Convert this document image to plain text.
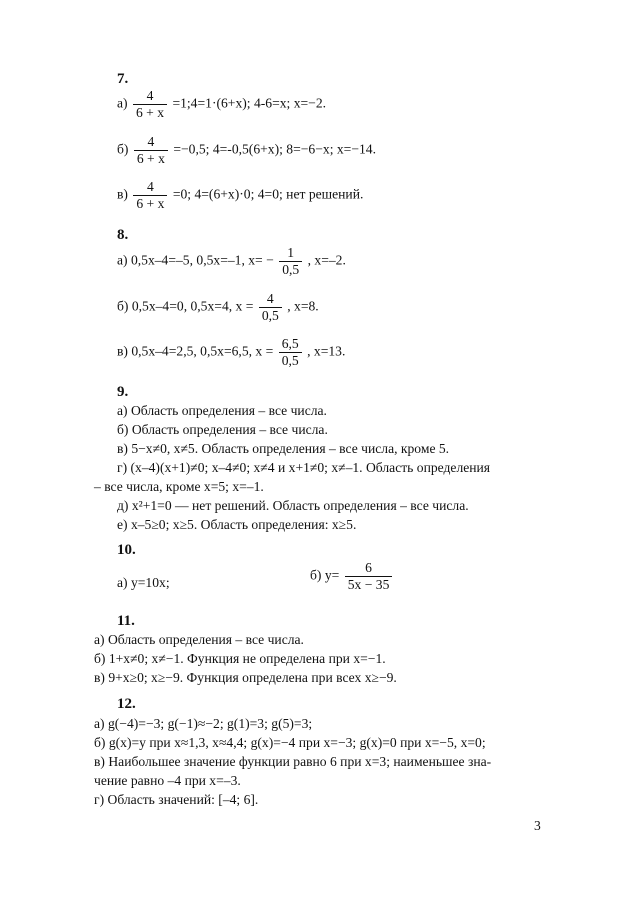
7.
$а) \frac{4}{6 + x}$ =1;4=1·(6+x); 4-6=x; x=−2.
$б) \frac{4}{6 + x} =-0,5$; 4=-0,5(6+x); 8=−6−x; x=−14.
$в) \frac{4}{6 + x} =0$; 4=(6+x)·0; 4=0; нет решений.
8.
а) 0,5x–4=–5, 0,5x=–1, $x= - \frac{1}{0,5}$ , x=–2.
б) 0,5x–4=0, 0,5x=4, $x = \frac{4}{0,5}$ , x=8.
в) 0,5x–4=2,5, 0,5x=6,5, $x = \frac{6,5}{0,5}$ , x=13.
9.
а) Область определения – все числа.
б) Область определения – все числа.
в) 5−x≠0, x≠5. Область определения – все числа, кроме 5.
г) (x–4)(x+1)≠0; x–4≠0; x≠4 и x+1≠0; x≠–1. Область определения
– все числа, кроме x=5; x=–1.
д) x²+1=0 — нет решений. Область определения – все числа.
е) x–5≥0; x≥5. Область определения: x≥5.
10.
а) y=10x;	б) $y= \frac{6}{5x - 35}$
11.
а) Область определения – все числа.
б) 1+x≠0; x≠−1. Функция не определена при x=−1.
в) 9+x≥0; x≥−9. Функция определена при всех x≥−9.
12.
а) g(−4)=−3; g(−1)≈−2; g(1)=3; g(5)=3;
б) g(x)=y при x≈1,3, x≈4,4; g(x)=−4 при x=−3; g(x)=0 при x=−5, x=0;
в) Наибольшее значение функции равно 6 при x=3; наименьшее зна-
чение равно –4 при x=–3.
г) Область значений: [–4; 6].
3
